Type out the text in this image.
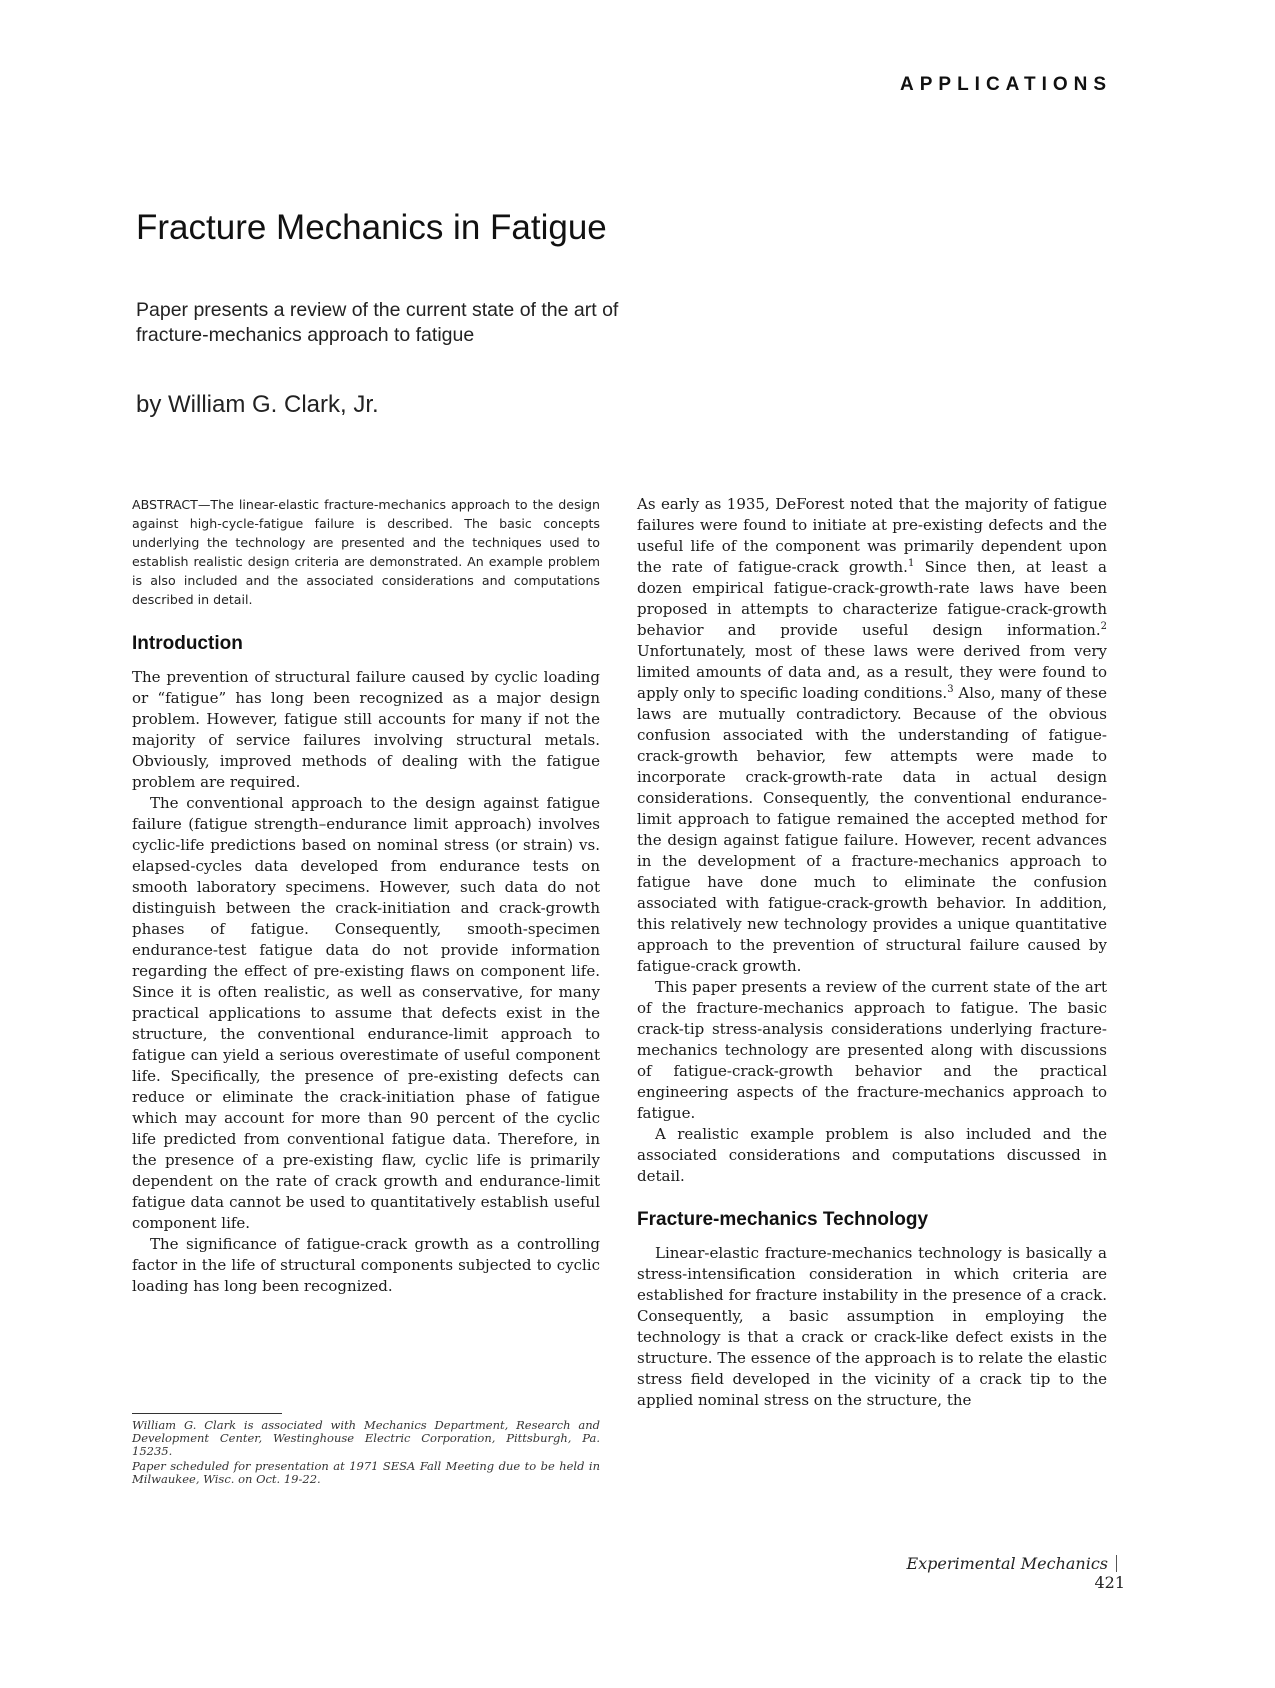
APPLICATIONS
Fracture Mechanics in Fatigue

Paper presents a review of the current state of the art of fracture-mechanics approach to fatigue

by William G. Clark, Jr.

ABSTRACT—The linear-elastic fracture-mechanics approach to the design against high-cycle-fatigue failure is described. The basic concepts underlying the technology are presented and the techniques used to establish realistic design criteria are demonstrated. An example problem is also included and the associated considerations and computations described in detail.

Introduction

The prevention of structural failure caused by cyclic loading or “fatigue” has long been recognized as a major design problem. However, fatigue still accounts for many if not the majority of service failures involving structural metals. Obviously, improved methods of dealing with the fatigue problem are required.

The conventional approach to the design against fatigue failure (fatigue strength–endurance limit approach) involves cyclic-life predictions based on nominal stress (or strain) vs. elapsed-cycles data developed from endurance tests on smooth laboratory specimens. However, such data do not distinguish between the crack-initiation and crack-growth phases of fatigue. Consequently, smooth-specimen endurance-test fatigue data do not provide information regarding the effect of pre-existing flaws on component life. Since it is often realistic, as well as conservative, for many practical applications to assume that defects exist in the structure, the conventional endurance-limit approach to fatigue can yield a serious overestimate of useful component life. Specifically, the presence of pre-existing defects can reduce or eliminate the crack-initiation phase of fatigue which may account for more than 90 percent of the cyclic life predicted from conventional fatigue data. Therefore, in the presence of a pre-existing flaw, cyclic life is primarily dependent on the rate of crack growth and endurance-limit fatigue data cannot be used to quantitatively establish useful component life.

The significance of fatigue-crack growth as a controlling factor in the life of structural components subjected to cyclic loading has long been recognized.

As early as 1935, DeForest noted that the majority of fatigue failures were found to initiate at pre-existing defects and the useful life of the component was primarily dependent upon the rate of fatigue-crack growth.$^1$ Since then, at least a dozen empirical fatigue-crack-growth-rate laws have been proposed in attempts to characterize fatigue-crack-growth behavior and provide useful design information.$^2$ Unfortunately, most of these laws were derived from very limited amounts of data and, as a result, they were found to apply only to specific loading conditions.$^3$ Also, many of these laws are mutually contradictory. Because of the obvious confusion associated with the understanding of fatigue-crack-growth behavior, few attempts were made to incorporate crack-growth-rate data in actual design considerations. Consequently, the conventional endurance-limit approach to fatigue remained the accepted method for the design against fatigue failure. However, recent advances in the development of a fracture-mechanics approach to fatigue have done much to eliminate the confusion associated with fatigue-crack-growth behavior. In addition, this relatively new technology provides a unique quantitative approach to the prevention of structural failure caused by fatigue-crack growth.

This paper presents a review of the current state of the art of the fracture-mechanics approach to fatigue. The basic crack-tip stress-analysis considerations underlying fracture-mechanics technology are presented along with discussions of fatigue-crack-growth behavior and the practical engineering aspects of the fracture-mechanics approach to fatigue.

A realistic example problem is also included and the associated considerations and computations discussed in detail.

Fracture-mechanics Technology

Linear-elastic fracture-mechanics technology is basically a stress-intensification consideration in which criteria are established for fracture instability in the presence of a crack. Consequently, a basic assumption in employing the technology is that a crack or crack-like defect exists in the structure. The essence of the approach is to relate the elastic stress field developed in the vicinity of a crack tip to the applied nominal stress on the structure, the

William G. Clark is associated with Mechanics Department, Research and Development Center, Westinghouse Electric Corporation, Pittsburgh, Pa. 15235.

Paper scheduled for presentation at 1971 SESA Fall Meeting due to be held in Milwaukee, Wisc. on Oct. 19-22.

Experimental Mechanics421
